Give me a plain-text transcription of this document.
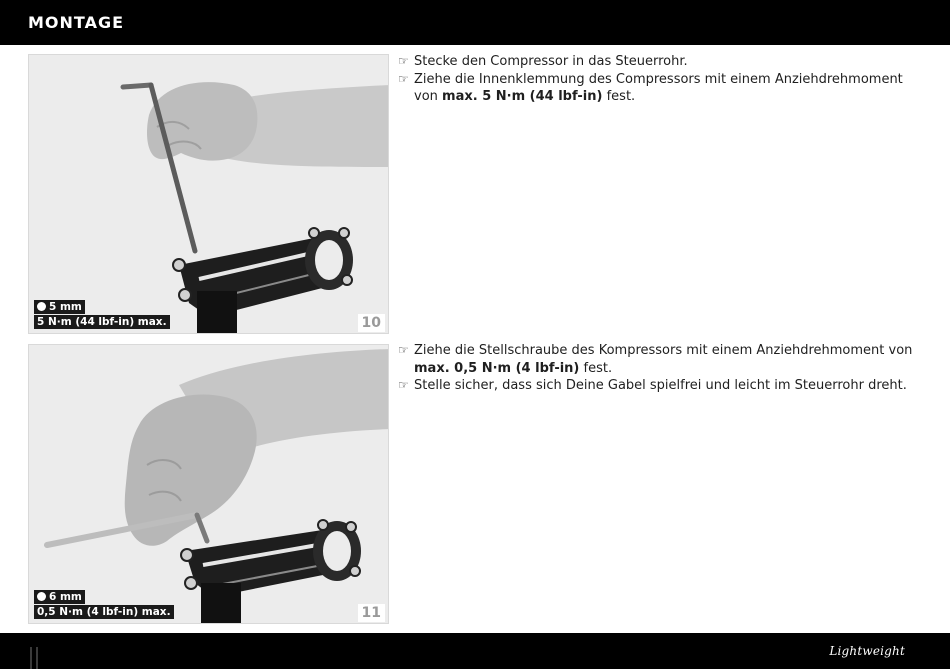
MONTAGE
5 mm
5 N·m (44 lbf-in) max.	10
6 mm
0,5 N·m (4 lbf-in) max.	11
☞ Stecke den Compressor in das Steuerrohr.
☞ Ziehe die Innenklemmung des Compressors mit einem Anziehdrehmoment von max. 5 N·m (44 lbf-in) fest.
☞ Ziehe die Stellschraube des Kompressors mit einem Anziehdrehmoment von max. 0,5 N·m (4 lbf-in) fest.
☞ Stelle sicher, dass sich Deine Gabel spielfrei und leicht im Steuerrohr dreht.
Lightweight
